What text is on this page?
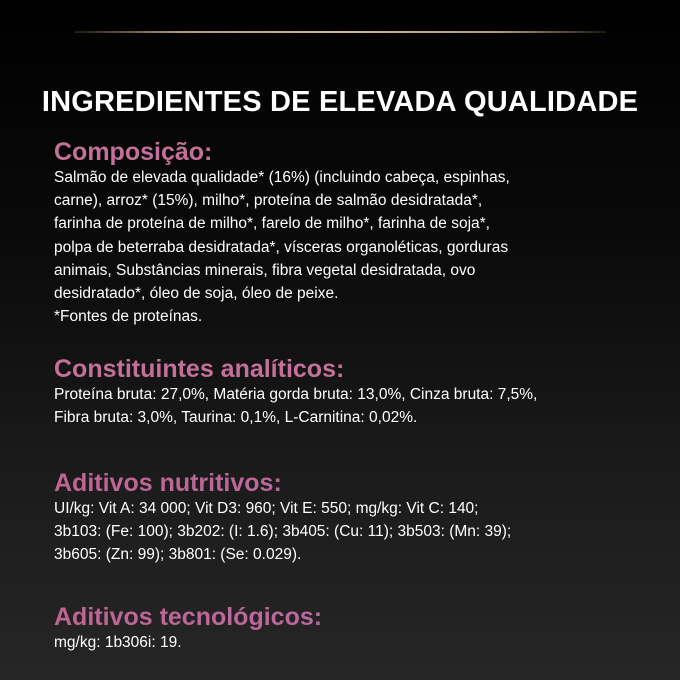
INGREDIENTES DE ELEVADA QUALIDADE
Composição:

Salmão de elevada qualidade* (16%) (incluindo cabeça, espinhas,
carne), arroz* (15%), milho*, proteína de salmão desidratada*,
farinha de proteína de milho*, farelo de milho*, farinha de soja*,
polpa de beterraba desidratada*, vísceras organoléticas, gorduras
animais, Substâncias minerais, fibra vegetal desidratada, ovo
desidratado*, óleo de soja, óleo de peixe.
*Fontes de proteínas.

Constituintes analíticos:

Proteína bruta: 27,0%, Matéria gorda bruta: 13,0%, Cinza bruta: 7,5%,
Fibra bruta: 3,0%, Taurina: 0,1%, L-Carnitina: 0,02%.

Aditivos nutritivos:

UI/kg: Vit A: 34 000; Vit D3: 960; Vit E: 550; mg/kg: Vit C: 140;
3b103: (Fe: 100); 3b202: (I: 1.6); 3b405: (Cu: 11); 3b503: (Mn: 39);
3b605: (Zn: 99); 3b801: (Se: 0.029).

Aditivos tecnológicos:

mg/kg: 1b306i: 19.
